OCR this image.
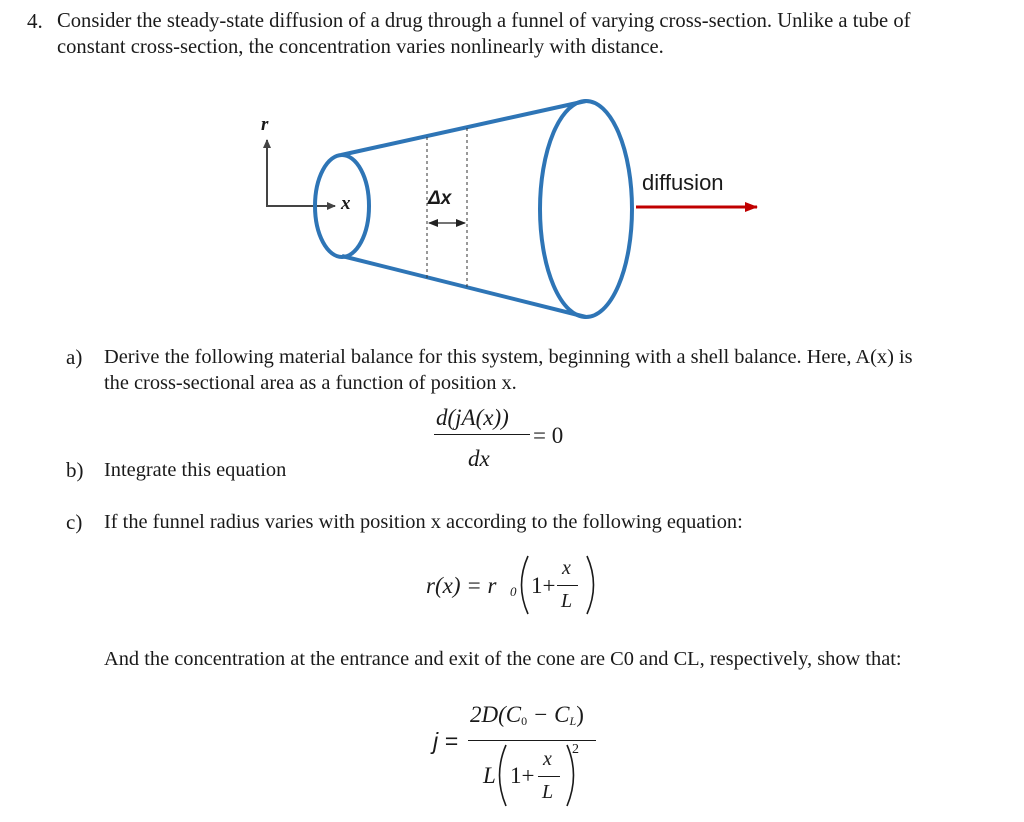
4. Consider the steady-state diffusion of a drug through a funnel of varying cross-section. Unlike a tube of
constant cross-section, the concentration varies nonlinearly with distance.
r
x	Δx
diffusion
a) Derive the following material balance for this system, beginning with a shell balance. Here, A(x) is
the cross-sectional area as a function of position x.
d(jA(x))
dx
= 0
b) Integrate this equation
c) If the funnel radius varies with position x according to the following equation:
r(x) = r 0 1+
x
L
And the concentration at the entrance and exit of the cone are C0 and CL, respectively, show that:
j =
2D(C0 − CL)
L 1+
x
L
2
